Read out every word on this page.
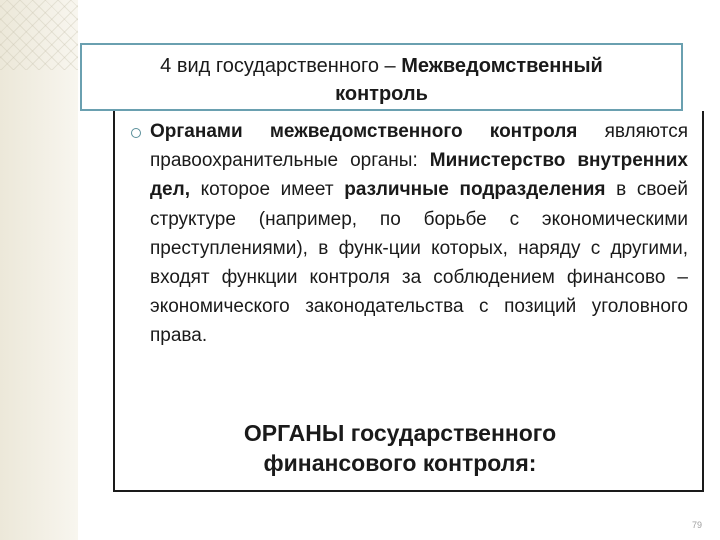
4 вид государственного – Межведомственный
контроль
Органами межведомственного контроля являются правоохранительные органы: Министерство внутренних дел, которое имеет различные подразделения в своей структуре (например, по борьбе с экономическими преступлениями), в функ-ции которых, наряду с другими, входят функции контроля за соблюдением финансово – экономического законодательства с позиций уголовного права.
ОРГАНЫ государственного
финансового контроля:
79
